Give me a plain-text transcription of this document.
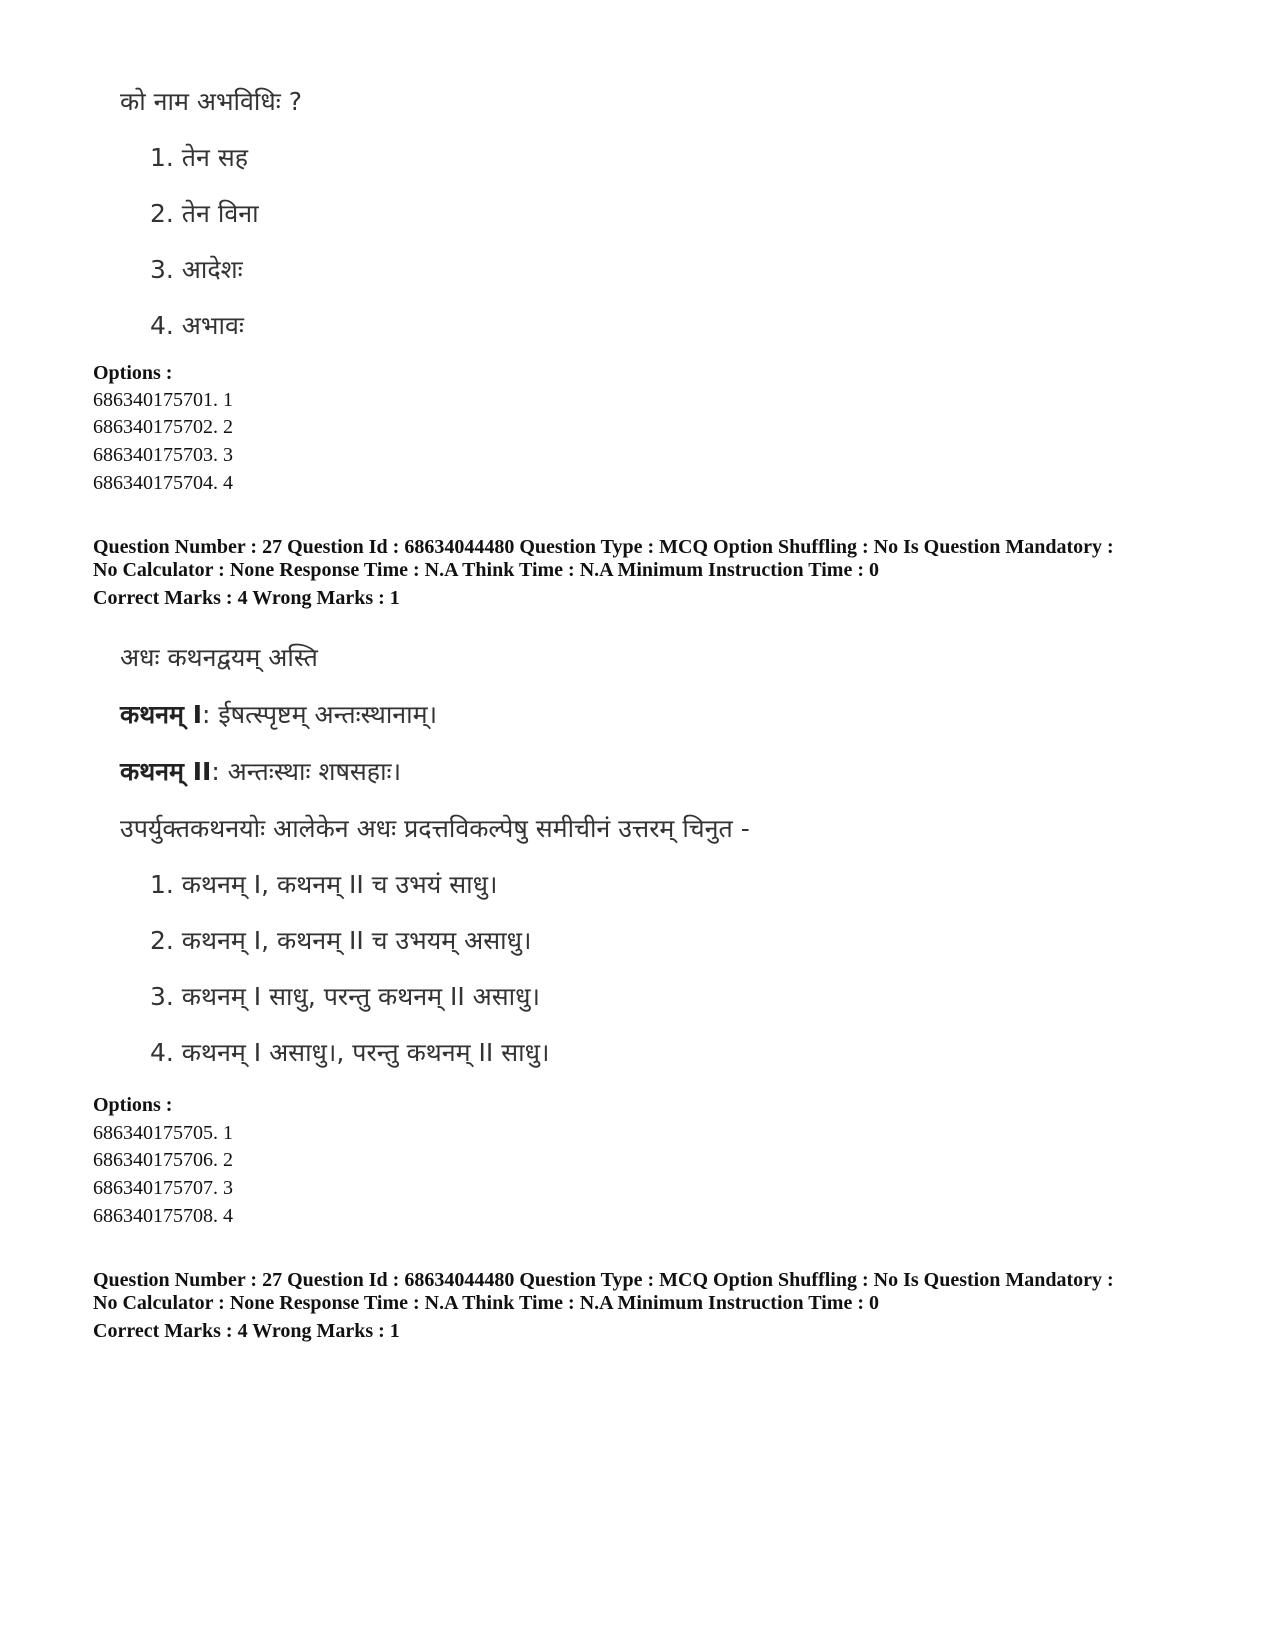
को नाम अभविधिः ?
1. तेन सह
2. तेन विना
3. आदेशः
4. अभावः
Options :
686340175701. 1
686340175702. 2
686340175703. 3
686340175704. 4
Question Number : 27 Question Id : 68634044480 Question Type : MCQ Option Shuffling : No Is Question Mandatory :
No Calculator : None Response Time : N.A Think Time : N.A Minimum Instruction Time : 0
Correct Marks : 4 Wrong Marks : 1
अधः कथनद्वयम् अस्ति
कथनम् I: ईषत्स्पृष्टम् अन्तःस्थानाम्।
कथनम् II: अन्तःस्थाः शषसहाः।
उपर्युक्तकथनयोः आलेकेन अधः प्रदत्तविकल्पेषु समीचीनं उत्तरम् चिनुत -
1. कथनम् I, कथनम् II च उभयं साधु।
2. कथनम् I, कथनम् II च उभयम् असाधु।
3. कथनम् I साधु, परन्तु कथनम् II असाधु।
4. कथनम् I असाधु।, परन्तु कथनम् II साधु।
Options :
686340175705. 1
686340175706. 2
686340175707. 3
686340175708. 4
Question Number : 27 Question Id : 68634044480 Question Type : MCQ Option Shuffling : No Is Question Mandatory :
No Calculator : None Response Time : N.A Think Time : N.A Minimum Instruction Time : 0
Correct Marks : 4 Wrong Marks : 1
